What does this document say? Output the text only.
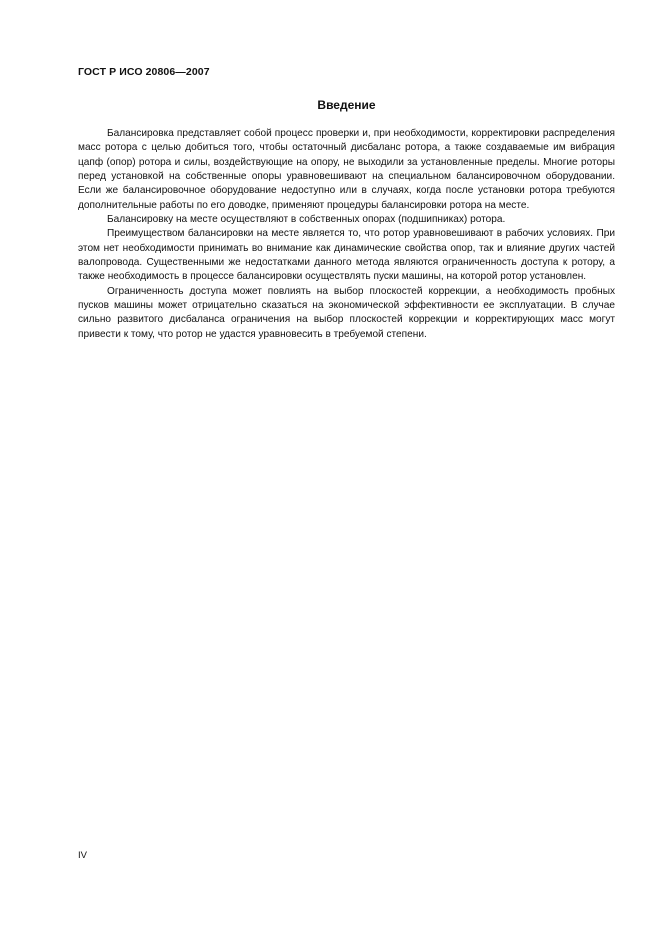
ГОСТ Р ИСО 20806—2007
Введение

Балансировка представляет собой процесс проверки и, при необходимости, корректировки распределения масс ротора с целью добиться того, чтобы остаточный дисбаланс ротора, а также создаваемые им вибрация цапф (опор) ротора и силы, воздействующие на опору, не выходили за установленные пределы. Многие роторы перед установкой на собственные опоры уравновешивают на специальном балансировочном оборудовании. Если же балансировочное оборудование недоступно или в случаях, когда после установки ротора требуются дополнительные работы по его доводке, применяют процедуры балансировки ротора на месте.

Балансировку на месте осуществляют в собственных опорах (подшипниках) ротора.

Преимуществом балансировки на месте является то, что ротор уравновешивают в рабочих условиях. При этом нет необходимости принимать во внимание как динамические свойства опор, так и влияние других частей валопровода. Существенными же недостатками данного метода являются ограниченность доступа к ротору, а также необходимость в процессе балансировки осуществлять пуски машины, на которой ротор установлен.

Ограниченность доступа может повлиять на выбор плоскостей коррекции, а необходимость пробных пусков машины может отрицательно сказаться на экономической эффективности ее эксплуатации. В случае сильно развитого дисбаланса ограничения на выбор плоскостей коррекции и корректирующих масс могут привести к тому, что ротор не удастся уравновесить в требуемой степени.

IV
